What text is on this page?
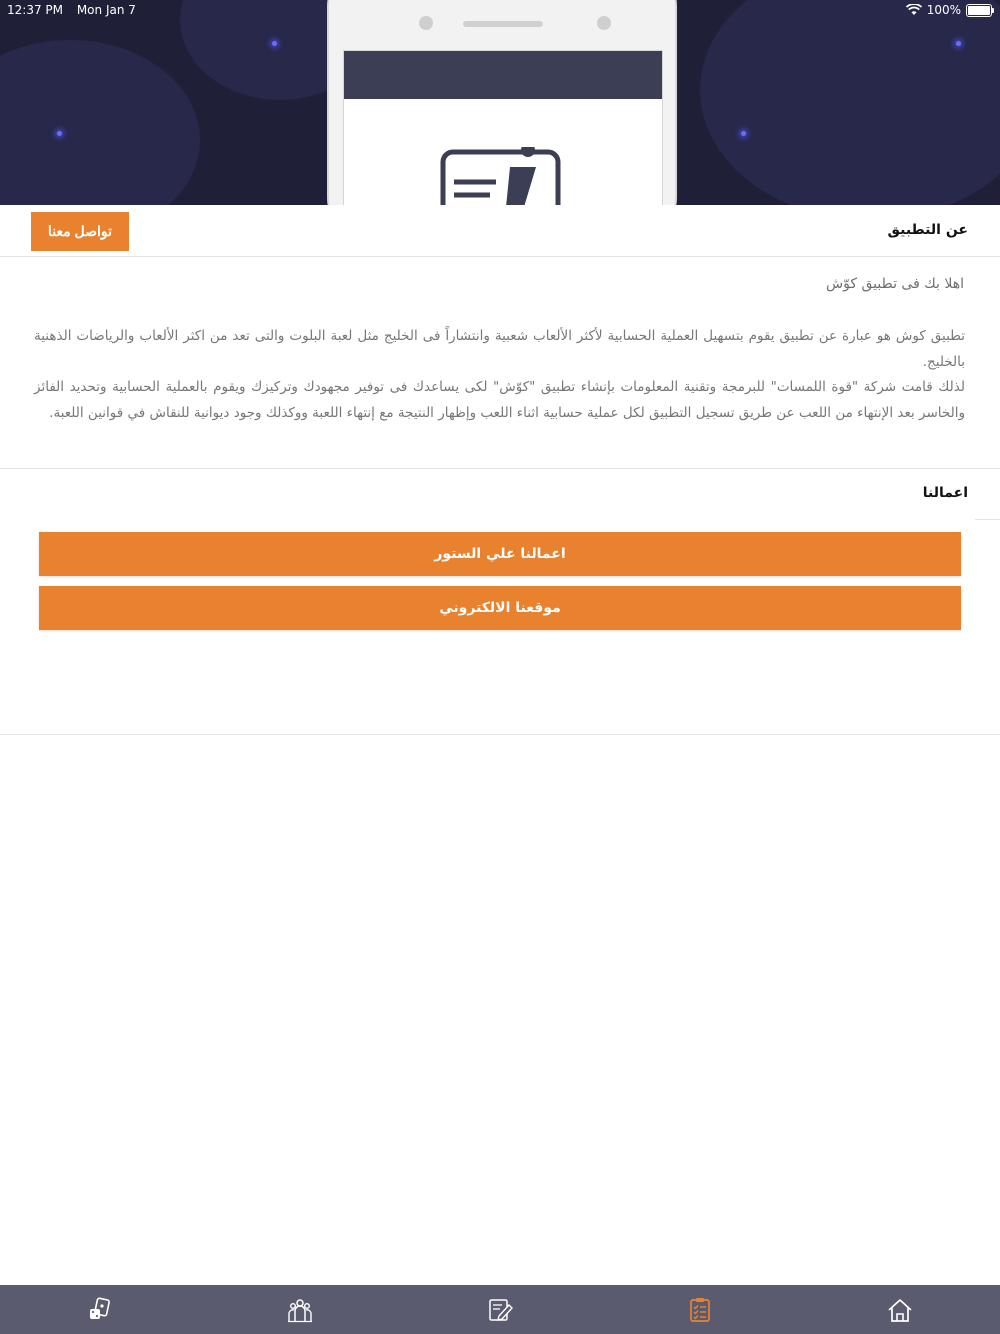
12:37 PM Mon Jan 7	100%
تواصل معنا	عن التطبيق
اهلا بك فى تطبيق كوّش

تطبيق كوش هو عبارة عن تطبيق يقوم بتسهيل العملية الحسابية لأكثر الألعاب شعبية وانتشاراً فى الخليج مثل لعبة البلوت والتى تعد من اكثر الألعاب والرياضات الذهنية بالخليج.

لذلك قامت شركة "قوة اللمسات" للبرمجة وتقنية المعلومات بإنشاء تطبيق "كوّش" لكى يساعدك فى توفير مجهودك وتركيزك ويقوم بالعملية الحسابية وتحديد الفائز والخاسر بعد الإنتهاء من اللعب عن طريق تسجيل التطبيق لكل عملية حسابية اثناء اللعب وإظهار النتيجة مع إنتهاء اللعبة ووكذلك وجود ديوانية للنقاش في قوانين اللعبة.

اعمالنا
اعمالنا علي الستور
موقعنا الالكتروني
